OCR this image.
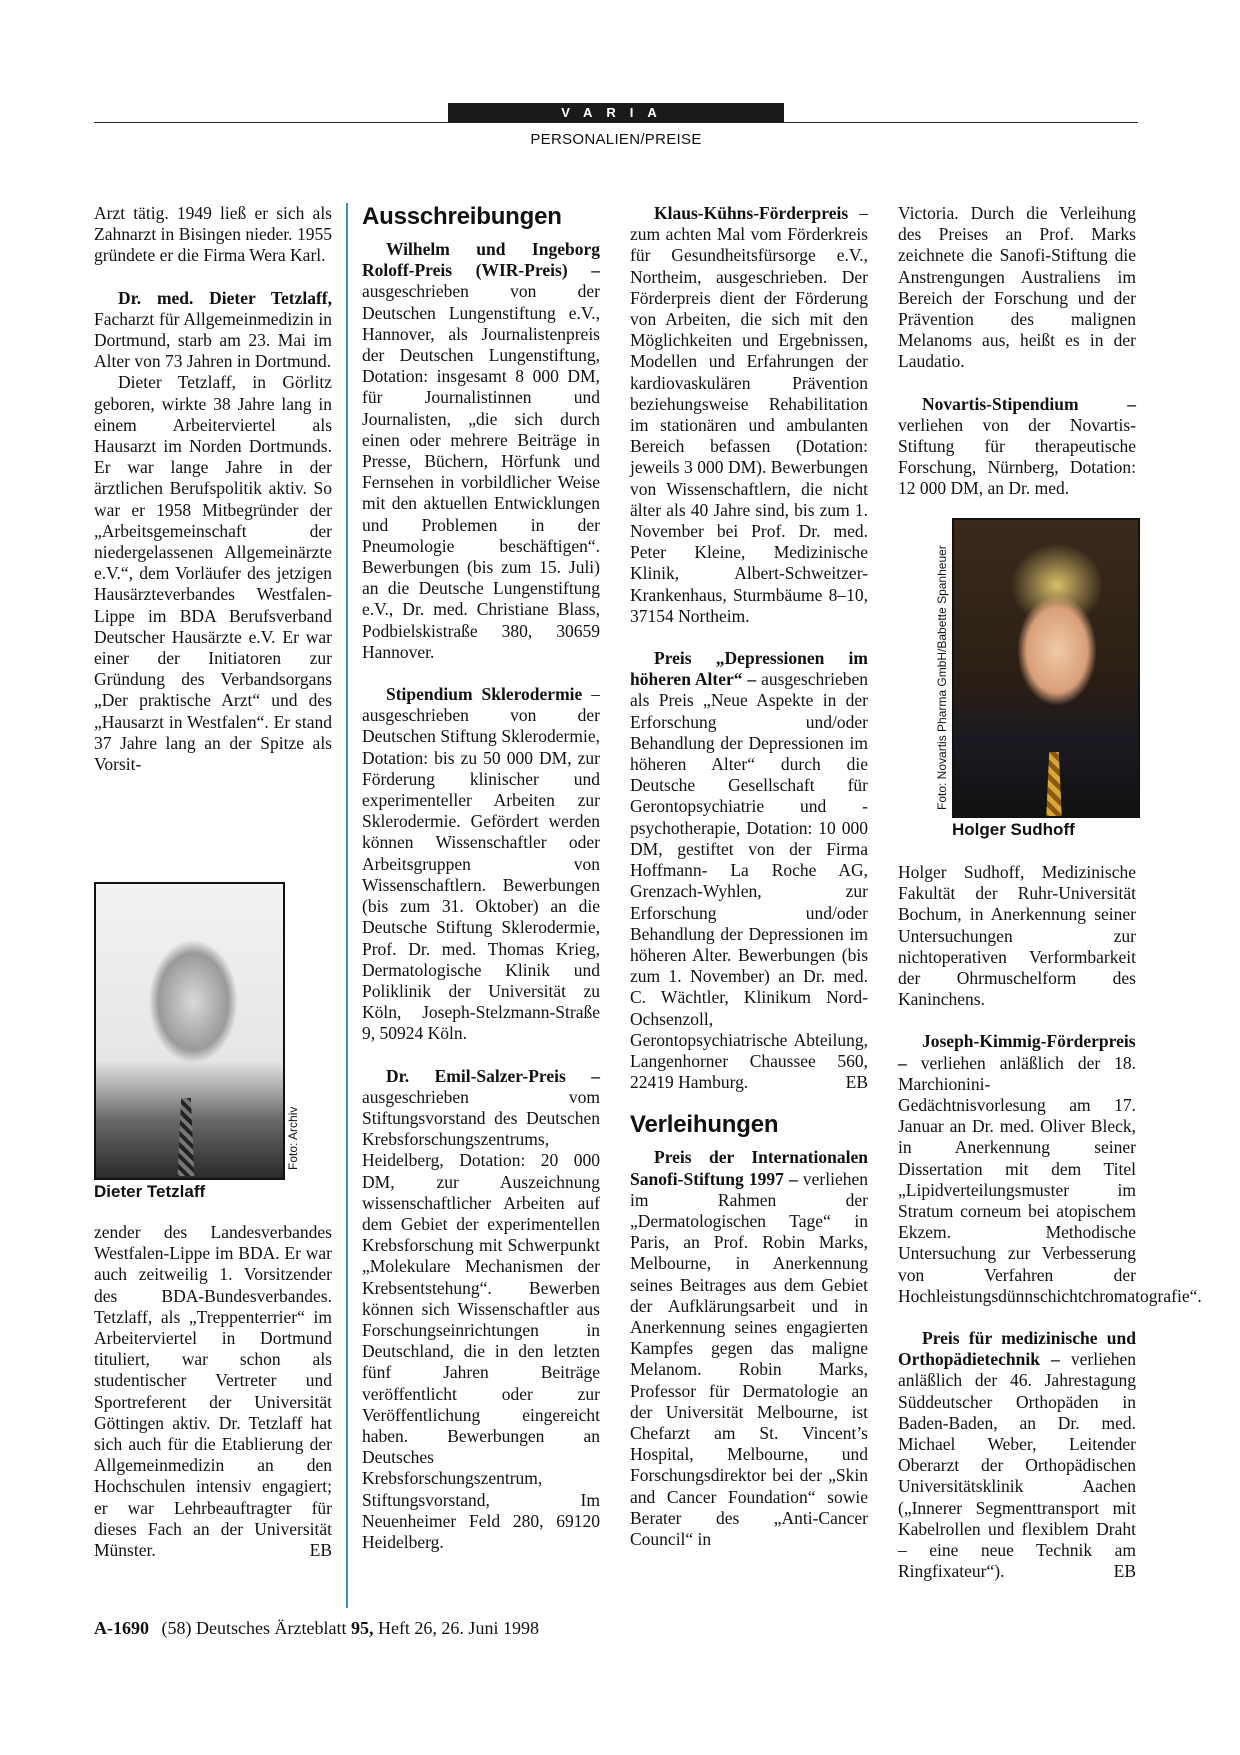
VARIA
PERSONALIEN/PREISE

Arzt tätig. 1949 ließ er sich als Zahnarzt in Bisingen nieder. 1955 gründete er die Firma Wera Karl.

Dr. med. Dieter Tetzlaff, Facharzt für Allgemeinmedizin in Dortmund, starb am 23. Mai im Alter von 73 Jahren in Dortmund.

Dieter Tetzlaff, in Görlitz geboren, wirkte 38 Jahre lang in einem Arbeiterviertel als Hausarzt im Norden Dortmunds. Er war lange Jahre in der ärztlichen Berufspolitik aktiv. So war er 1958 Mitbegründer der „Arbeitsgemeinschaft der niedergelassenen Allgemeinärzte e.V.“, dem Vorläufer des jetzigen Hausärzteverbandes Westfalen-Lippe im BDA Berufsverband Deutscher Hausärzte e.V. Er war einer der Initiatoren zur Gründung des Verbandsorgans „Der praktische Arzt“ und des „Hausarzt in Westfalen“. Er stand 37 Jahre lang an der Spitze als Vorsit-

Foto: Archiv
Dieter Tetzlaff

zender des Landesverbandes Westfalen-Lippe im BDA. Er war auch zeitweilig 1. Vorsitzender des BDA-Bundesverbandes. Tetzlaff, als „Treppenterrier“ im Arbeiterviertel in Dortmund tituliert, war schon als studentischer Vertreter und Sportreferent der Universität Göttingen aktiv. Dr. Tetzlaff hat sich auch für die Etablierung der Allgemeinmedizin an den Hochschulen intensiv engagiert; er war Lehrbeauftragter für dieses Fach an der Universität Münster.	EB

Ausschreibungen

Wilhelm und Ingeborg Roloff-Preis (WIR-Preis) – ausgeschrieben von der Deutschen Lungenstiftung e.V., Hannover, als Journalistenpreis der Deutschen Lungenstiftung, Dotation: insgesamt 8 000 DM, für Journalistinnen und Journalisten, „die sich durch einen oder mehrere Beiträge in Presse, Büchern, Hörfunk und Fernsehen in vorbildlicher Weise mit den aktuellen Entwicklungen und Problemen in der Pneumologie beschäftigen“. Bewerbungen (bis zum 15. Juli) an die Deutsche Lungenstiftung e.V., Dr. med. Christiane Blass, Podbielskistraße 380, 30659 Hannover.

Stipendium Sklerodermie – ausgeschrieben von der Deutschen Stiftung Sklerodermie, Dotation: bis zu 50 000 DM, zur Förderung klinischer und experimenteller Arbeiten zur Sklerodermie. Gefördert werden können Wissenschaftler oder Arbeitsgruppen von Wissenschaftlern. Bewerbungen (bis zum 31. Oktober) an die Deutsche Stiftung Sklerodermie, Prof. Dr. med. Thomas Krieg, Dermatologische Klinik und Poliklinik der Universität zu Köln, Joseph-Stelzmann-Straße 9, 50924 Köln.

Dr. Emil-Salzer-Preis – ausgeschrieben vom Stiftungsvorstand des Deutschen Krebsforschungszentrums, Heidelberg, Dotation: 20 000 DM, zur Auszeichnung wissenschaftlicher Arbeiten auf dem Gebiet der experimentellen Krebsforschung mit Schwerpunkt „Molekulare Mechanismen der Krebsentstehung“. Bewerben können sich Wissenschaftler aus Forschungseinrichtungen in Deutschland, die in den letzten fünf Jahren Beiträge veröffentlicht oder zur Veröffentlichung eingereicht haben. Bewerbungen an Deutsches Krebsforschungszentrum, Stiftungsvorstand, Im Neuenheimer Feld 280, 69120 Heidelberg.

Klaus-Kühns-Förderpreis – zum achten Mal vom Förderkreis für Gesundheitsfürsorge e.V., Northeim, ausgeschrieben. Der Förderpreis dient der Förderung von Arbeiten, die sich mit den Möglichkeiten und Ergebnissen, Modellen und Erfahrungen der kardiovaskulären Prävention beziehungsweise Rehabilitation im stationären und ambulanten Bereich befassen (Dotation: jeweils 3 000 DM). Bewerbungen von Wissenschaftlern, die nicht älter als 40 Jahre sind, bis zum 1. November bei Prof. Dr. med. Peter Kleine, Medizinische Klinik, Albert-Schweitzer-Krankenhaus, Sturmbäume 8–10, 37154 Northeim.

Preis „Depressionen im höheren Alter“ – ausgeschrieben als Preis „Neue Aspekte in der Erforschung und/oder Behandlung der Depressionen im höheren Alter“ durch die Deutsche Gesellschaft für Gerontopsychiatrie und -psychotherapie, Dotation: 10 000 DM, gestiftet von der Firma Hoffmann- La Roche AG, Grenzach-Wyhlen, zur Erforschung und/oder Behandlung der Depressionen im höheren Alter. Bewerbungen (bis zum 1. November) an Dr. med. C. Wächtler, Klinikum Nord-Ochsenzoll, Gerontopsychiatrische Abteilung, Langenhorner Chaussee 560, 22419 Hamburg.	EB

Verleihungen

Preis der Internationalen Sanofi-Stiftung 1997 – verliehen im Rahmen der „Dermatologischen Tage“ in Paris, an Prof. Robin Marks, Melbourne, in Anerkennung seines Beitrages aus dem Gebiet der Aufklärungsarbeit und in Anerkennung seines engagierten Kampfes gegen das maligne Melanom. Robin Marks, Professor für Dermatologie an der Universität Melbourne, ist Chefarzt am St. Vincent’s Hospital, Melbourne, und Forschungsdirektor bei der „Skin and Cancer Foundation“ sowie Berater des „Anti-Cancer Council“ in

Victoria. Durch die Verleihung des Preises an Prof. Marks zeichnete die Sanofi-Stiftung die Anstrengungen Australiens im Bereich der Forschung und der Prävention des malignen Melanoms aus, heißt es in der Laudatio.

Novartis-Stipendium – verliehen von der Novartis-Stiftung für therapeutische Forschung, Nürnberg, Dotation: 12 000 DM, an Dr. med.

Foto: Novartis Pharma GmbH/Babette Spanheuer
Holger Sudhoff

Holger Sudhoff, Medizinische Fakultät der Ruhr-Universität Bochum, in Anerkennung seiner Untersuchungen zur nichtoperativen Verformbarkeit der Ohrmuschelform des Kaninchens.

Joseph-Kimmig-Förderpreis – verliehen anläßlich der 18. Marchionini-Gedächtnisvorlesung am 17. Januar an Dr. med. Oliver Bleck, in Anerkennung seiner Dissertation mit dem Titel „Lipidverteilungsmuster im Stratum corneum bei atopischem Ekzem. Methodische Untersuchung zur Verbesserung von Verfahren der Hochleistungsdünnschichtchromatografie“.

Preis für medizinische und Orthopädietechnik – verliehen anläßlich der 46. Jahrestagung Süddeutscher Orthopäden in Baden-Baden, an Dr. med. Michael Weber, Leitender Oberarzt der Orthopädischen Universitätsklinik Aachen („Innerer Segmenttransport mit Kabelrollen und flexiblem Draht – eine neue Technik am Ringfixateur“).	EB

A-1690 (58) Deutsches Ärzteblatt 95, Heft 26, 26. Juni 1998
